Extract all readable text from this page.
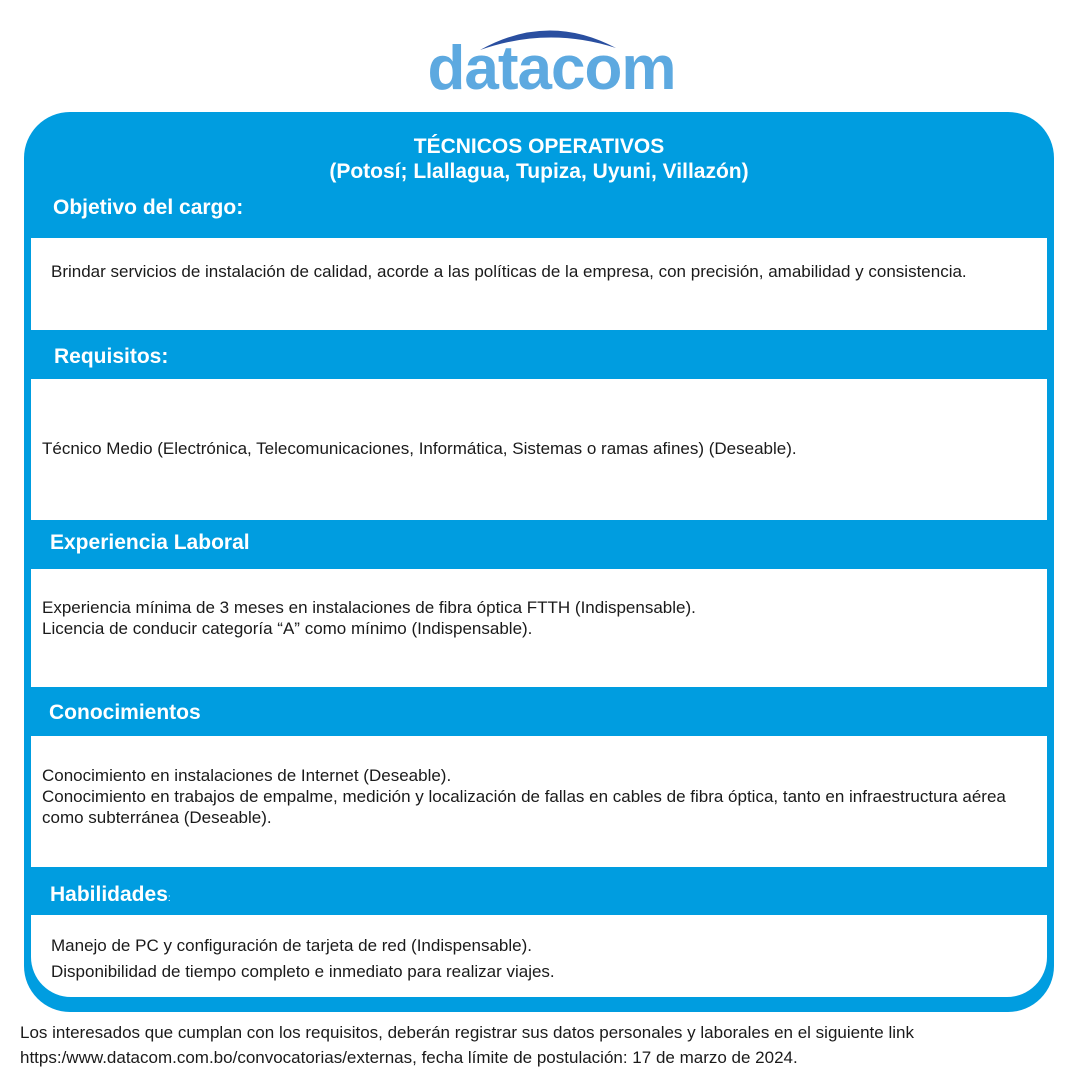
datacom
TÉCNICOS OPERATIVOS
(Potosí; Llallagua, Tupiza, Uyuni, Villazón)
Objetivo del cargo:

Brindar servicios de instalación de calidad, acorde a las políticas de la empresa, con precisión, amabilidad y consistencia.

Requisitos:

Técnico Medio (Electrónica, Telecomunicaciones, Informática, Sistemas o ramas afines) (Deseable).

Experiencia Laboral

Experiencia mínima de 3 meses en instalaciones de fibra óptica FTTH (Indispensable).

Licencia de conducir categoría “A” como mínimo (Indispensable).

Conocimientos

Conocimiento en instalaciones de Internet (Deseable).

Conocimiento en trabajos de empalme, medición y localización de fallas en cables de fibra óptica, tanto en infraestructura aérea como subterránea (Deseable).

Habilidades:

Manejo de PC y configuración de tarjeta de red (Indispensable).

Disponibilidad de tiempo completo e inmediato para realizar viajes.

Los interesados que cumplan con los requisitos, deberán registrar sus datos personales y laborales en el siguiente link https:/www.datacom.com.bo/convocatorias/externas, fecha límite de postulación: 17 de marzo de 2024.
